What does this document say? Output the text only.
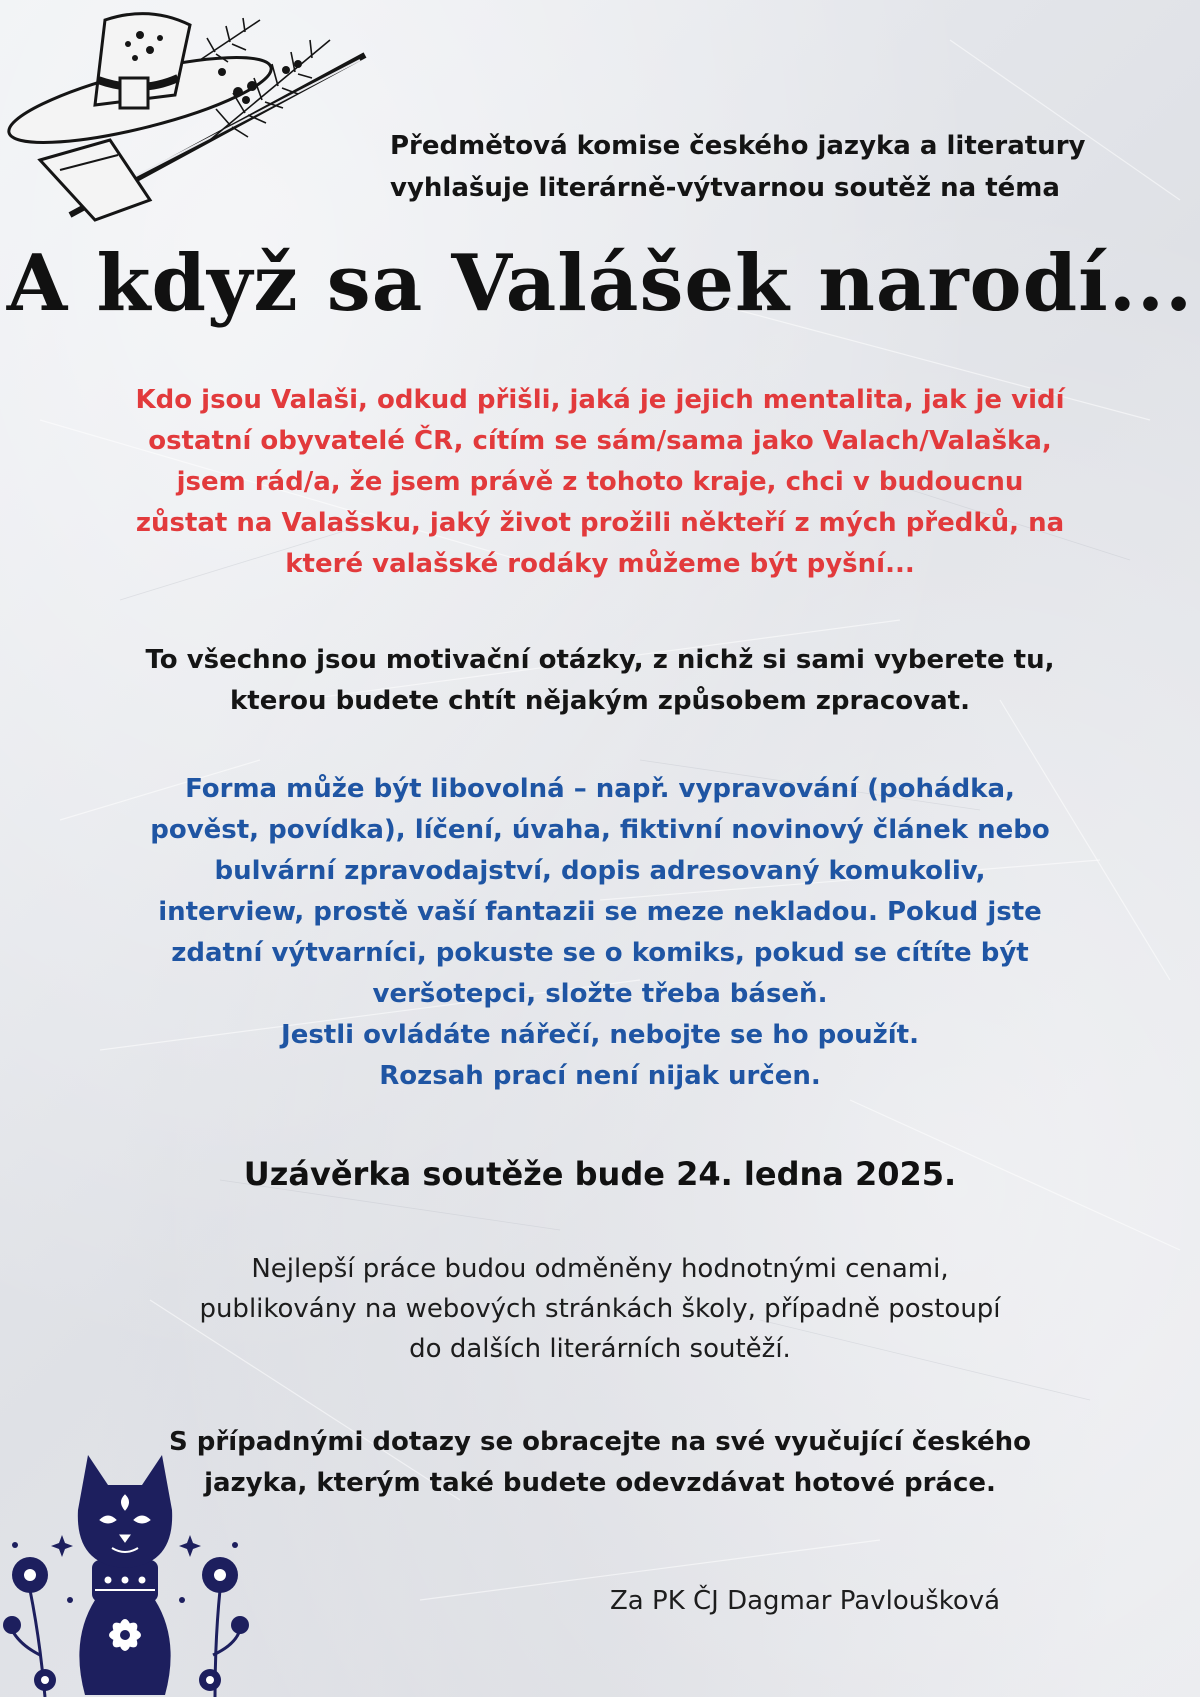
Předmětová komise českého jazyka a literatury

vyhlašuje literárně-výtvarnou soutěž na téma

A když sa Valášek narodí...

Kdo jsou Valaši, odkud přišli, jaká je jejich mentalita, jak je vidí
ostatní obyvatelé ČR, cítím se sám/sama jako Valach/Valaška,
jsem rád/a, že jsem právě z tohoto kraje, chci v budoucnu
zůstat na Valašsku, jaký život prožili někteří z mých předků, na
které valašské rodáky můžeme být pyšní...

To všechno jsou motivační otázky, z nichž si sami vyberete tu,
kterou budete chtít nějakým způsobem zpracovat.

Forma může být libovolná – např. vypravování (pohádka,
pověst, povídka), líčení, úvaha, fiktivní novinový článek nebo
bulvární zpravodajství, dopis adresovaný komukoliv,
interview, prostě vaší fantazii se meze nekladou. Pokud jste
zdatní výtvarníci, pokuste se o komiks, pokud se cítíte být
veršotepci, složte třeba báseň.
Jestli ovládáte nářečí, nebojte se ho použít.
Rozsah prací není nijak určen.

Uzávěrka soutěže bude 24. ledna 2025.

Nejlepší práce budou odměněny hodnotnými cenami,
publikovány na webových stránkách školy, případně postoupí
do dalších literárních soutěží.

S případnými dotazy se obracejte na své vyučující českého
jazyka, kterým také budete odevzdávat hotové práce.

Za PK ČJ Dagmar Pavloušková
